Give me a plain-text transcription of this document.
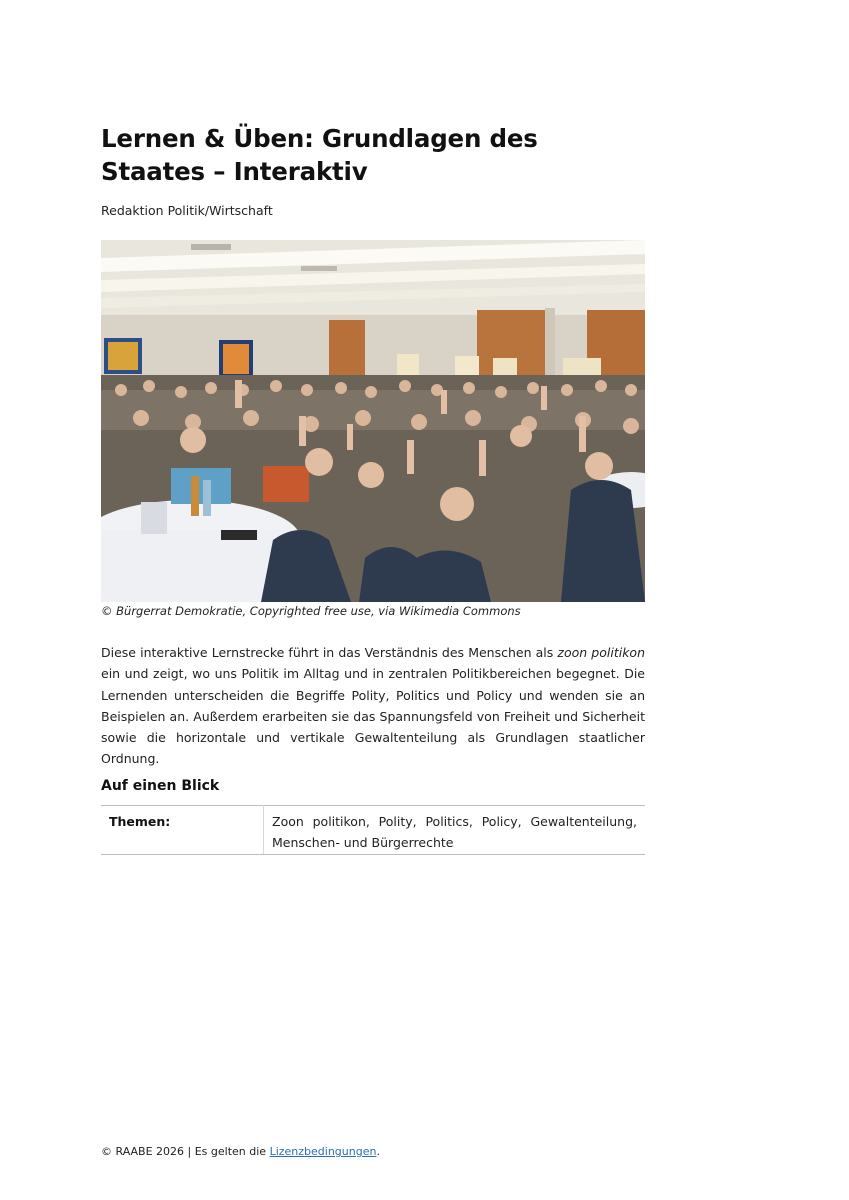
Lernen & Üben: Grundlagen des Staates – Interaktiv
Redaktion Politik/Wirtschaft
© Bürgerrat Demokratie, Copyrighted free use, via Wikimedia Commons

Diese interaktive Lernstrecke führt in das Verständnis des Menschen als zoon politikon ein und zeigt, wo uns Politik im Alltag und in zentralen Politikbereichen begegnet. Die Lernenden unterscheiden die Begriffe Polity, Politics und Policy und wenden sie an Beispielen an. Außerdem erarbeiten sie das Spannungsfeld von Freiheit und Sicherheit sowie die horizontale und vertikale Gewaltenteilung als Grundlagen staatlicher Ordnung.

Auf einen Blick
Themen:	Zoon politikon, Polity, Politics, Policy, Gewaltenteilung, Menschen- und Bürgerrechte
© RAABE 2026 | Es gelten die Lizenzbedingungen.
